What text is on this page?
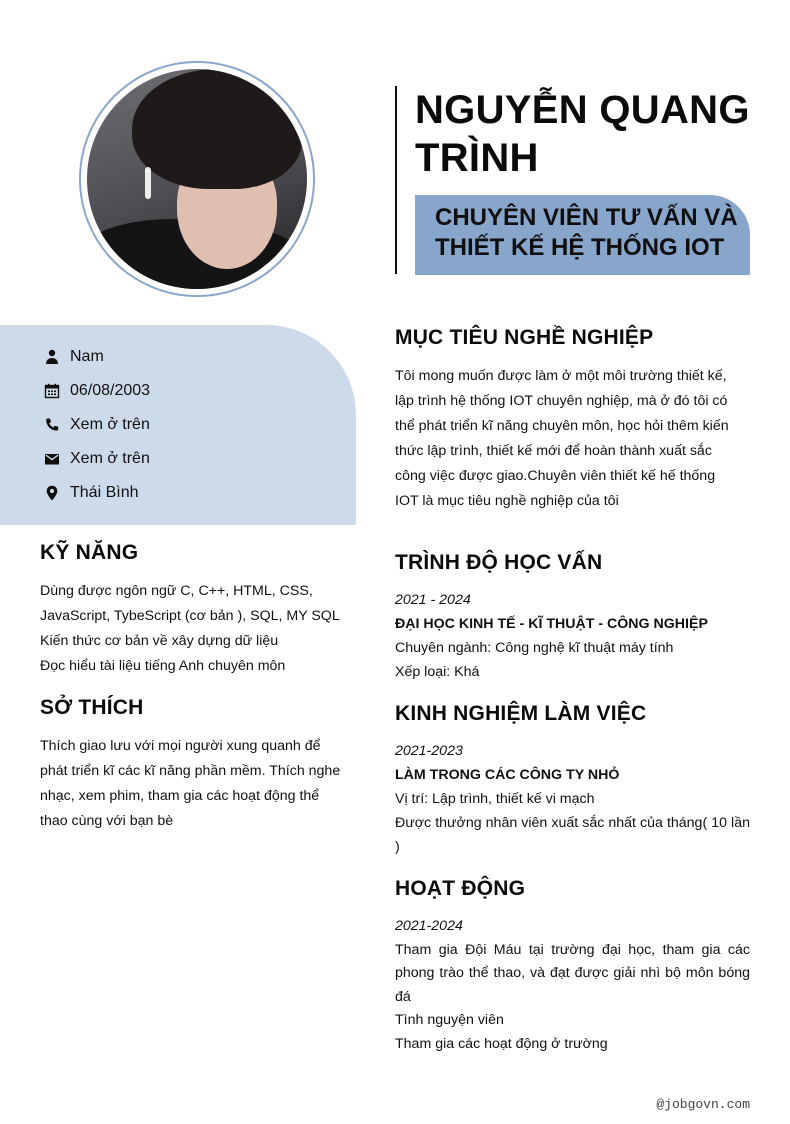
NGUYỄN QUANG
TRÌNH
CHUYÊN VIÊN TƯ VẤN VÀ
THIẾT KẾ HỆ THỐNG IOT
Nam
06/08/2003
Xem ở trên
Xem ở trên
Thái Bình
KỸ NĂNG
Dùng được ngôn ngữ C, C++, HTML, CSS,
JavaScript, TybeScript (cơ bản ), SQL, MY SQL
Kiến thức cơ bản về xây dựng dữ liệu
Đọc hiểu tài liệu tiếng Anh chuyên môn
SỞ THÍCH
Thích giao lưu với mọi người xung quanh để
phát triển kĩ các kĩ năng phần mềm. Thích nghe
nhạc, xem phim, tham gia các hoạt động thể
thao cùng với bạn bè
MỤC TIÊU NGHỀ NGHIỆP
Tôi mong muốn được làm ở một môi trường thiết kế,
lập trình hệ thống IOT chuyên nghiệp, mà ở đó tôi có
thể phát triển kĩ năng chuyên môn, học hỏi thêm kiến
thức lập trình, thiết kế mới để hoàn thành xuất sắc
công việc được giao.Chuyên viên thiết kế hế thống
IOT là mục tiêu nghề nghiệp của tôi
TRÌNH ĐỘ HỌC VẤN
2021 - 2024
ĐẠI HỌC KINH TẾ - KĨ THUẬT - CÔNG NGHIỆP
Chuyên ngành: Công nghệ kĩ thuật máy tính
Xếp loại: Khá
KINH NGHIỆM LÀM VIỆC
2021-2023
LÀM TRONG CÁC CÔNG TY NHỎ
Vị trí: Lập trình, thiết kế vi mạch
Được thưởng nhân viên xuất sắc nhất của tháng( 10 lần )
HOẠT ĐỘNG
2021-2024
Tham gia Đội Máu tại trường đại học, tham gia các phong trào thể thao, và đạt được giải nhì bộ môn bóng đá
Tình nguyện viên
Tham gia các hoạt động ở trường
@jobgovn.com
